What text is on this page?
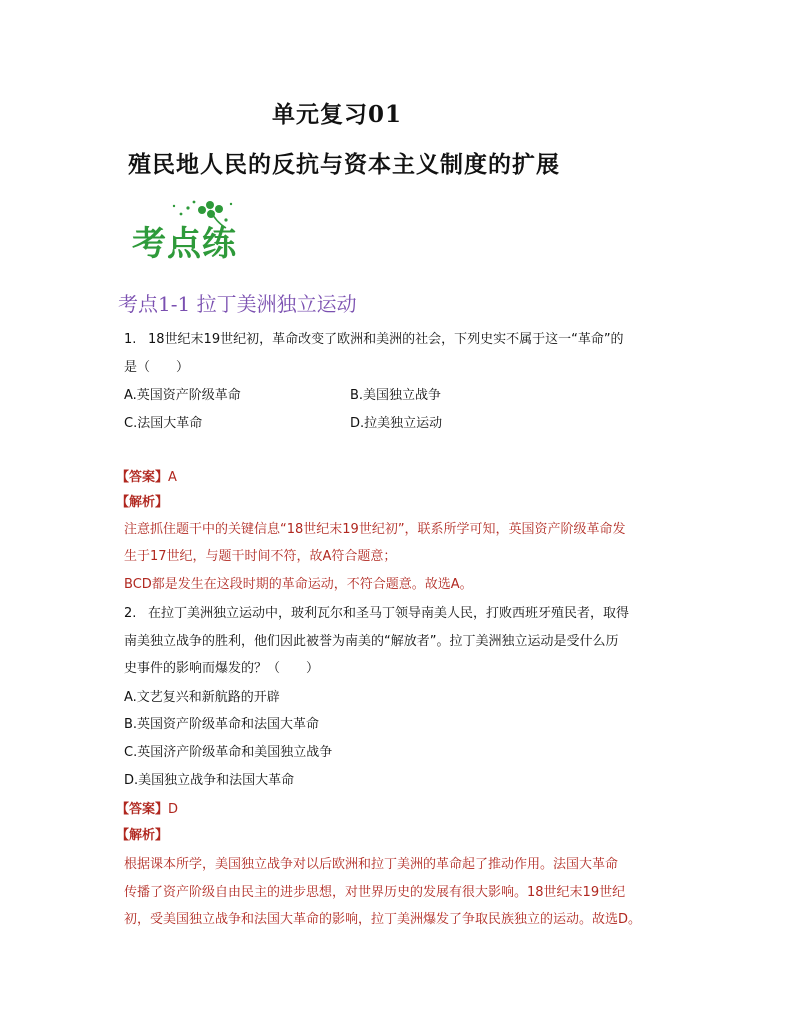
单元复习01
殖民地人民的反抗与资本主义制度的扩展
考点练
考点1-1 拉丁美洲独立运动
1. 18世纪末19世纪初，革命改变了欧洲和美洲的社会，下列史实不属于这一“革命”的
是（　　）
A.英国资产阶级革命	B.美国独立战争
C.法国大革命	D.拉美独立运动
【答案】A
【解析】
注意抓住题干中的关键信息“18世纪末19世纪初”，联系所学可知，英国资产阶级革命发
生于17世纪，与题干时间不符，故A符合题意；
BCD都是发生在这段时期的革命运动，不符合题意。故选A。
2. 在拉丁美洲独立运动中，玻利瓦尔和圣马丁领导南美人民，打败西班牙殖民者，取得
南美独立战争的胜利，他们因此被誉为南美的“解放者”。拉丁美洲独立运动是受什么历
史事件的影响而爆发的？（　　）
A.文艺复兴和新航路的开辟
B.英国资产阶级革命和法国大革命
C.英国济产阶级革命和美国独立战争
D.美国独立战争和法国大革命
【答案】D
【解析】
根据课本所学，美国独立战争对以后欧洲和拉丁美洲的革命起了推动作用。法国大革命
传播了资产阶级自由民主的进步思想，对世界历史的发展有很大影响。18世纪末19世纪
初，受美国独立战争和法国大革命的影响，拉丁美洲爆发了争取民族独立的运动。故选D。
